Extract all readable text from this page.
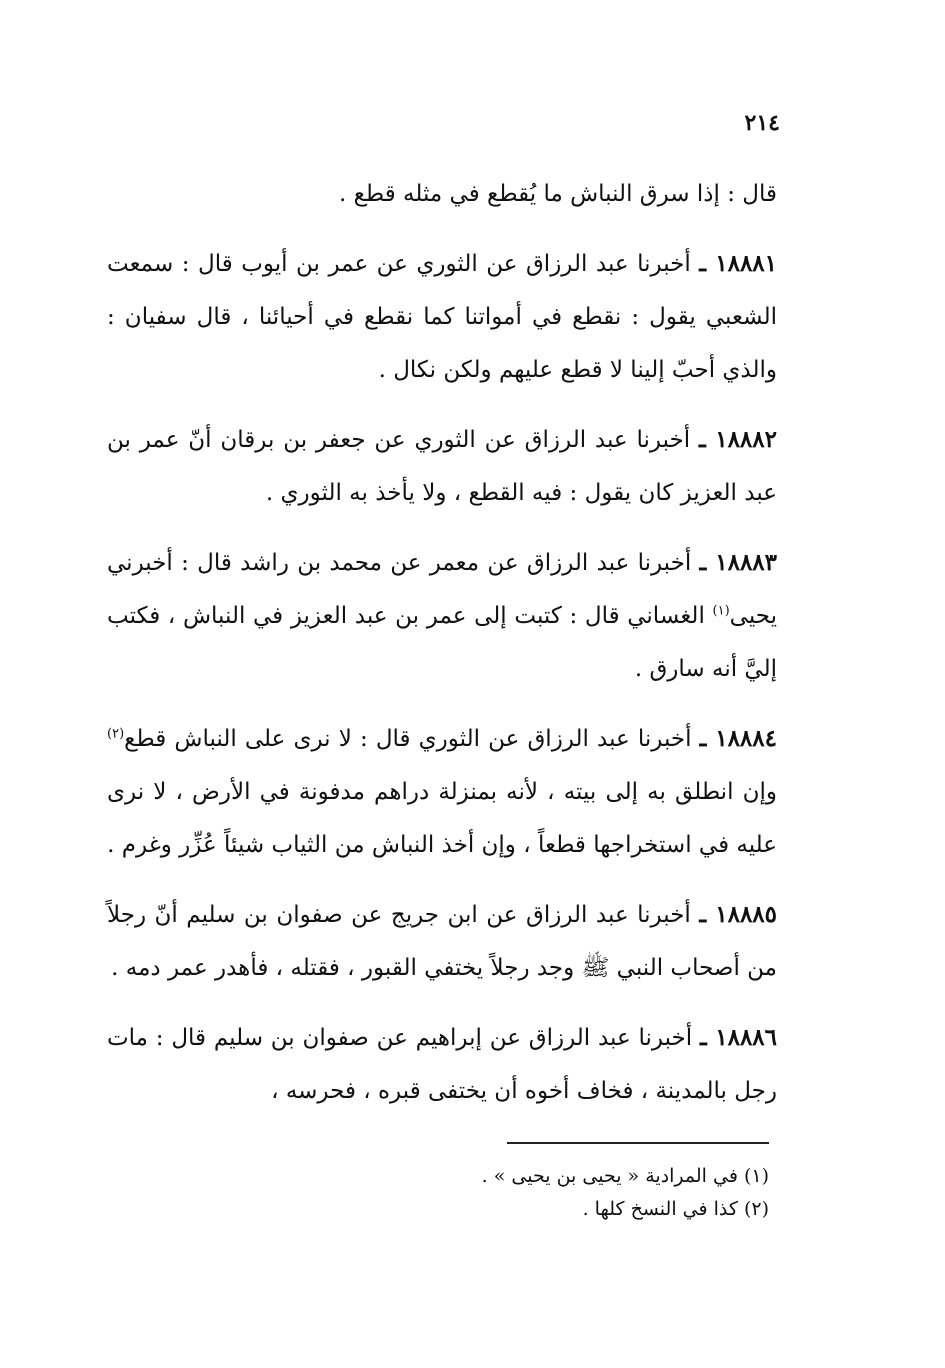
٢١٤

قال : إذا سرق النباش ما يُقطع في مثله قطع .

١٨٨٨١ ـ أخبرنا عبد الرزاق عن الثوري عن عمر بن أيوب قال : سمعت الشعبي يقول : نقطع في أمواتنا كما نقطع في أحيائنا ، قال سفيان : والذي أحبّ إلينا لا قطع عليهم ولكن نكال .

١٨٨٨٢ ـ أخبرنا عبد الرزاق عن الثوري عن جعفر بن برقان أنّ عمر بن عبد العزيز كان يقول : فيه القطع ، ولا يأخذ به الثوري .

١٨٨٨٣ ـ أخبرنا عبد الرزاق عن معمر عن محمد بن راشد قال : أخبرني يحيى$^{(١)}$ الغساني قال : كتبت إلى عمر بن عبد العزيز في النباش ، فكتب إليَّ أنه سارق .

١٨٨٨٤ ـ أخبرنا عبد الرزاق عن الثوري قال : لا نرى على النباش قطع$^{(٢)}$ وإن انطلق به إلى بيته ، لأنه بمنزلة دراهم مدفونة في الأرض ، لا نرى عليه في استخراجها قطعاً ، وإن أخذ النباش من الثياب شيئاً عُزِّر وغرم .

١٨٨٨٥ ـ أخبرنا عبد الرزاق عن ابن جريج عن صفوان بن سليم أنّ رجلاً من أصحاب النبي ﷺ وجد رجلاً يختفي القبور ، فقتله ، فأهدر عمر دمه .

١٨٨٨٦ ـ أخبرنا عبد الرزاق عن إبراهيم عن صفوان بن سليم قال : مات رجل بالمدينة ، فخاف أخوه أن يختفى قبره ، فحرسه ،

(١) في المرادية « يحيى بن يحيى » .

(٢) كذا في النسخ كلها .
